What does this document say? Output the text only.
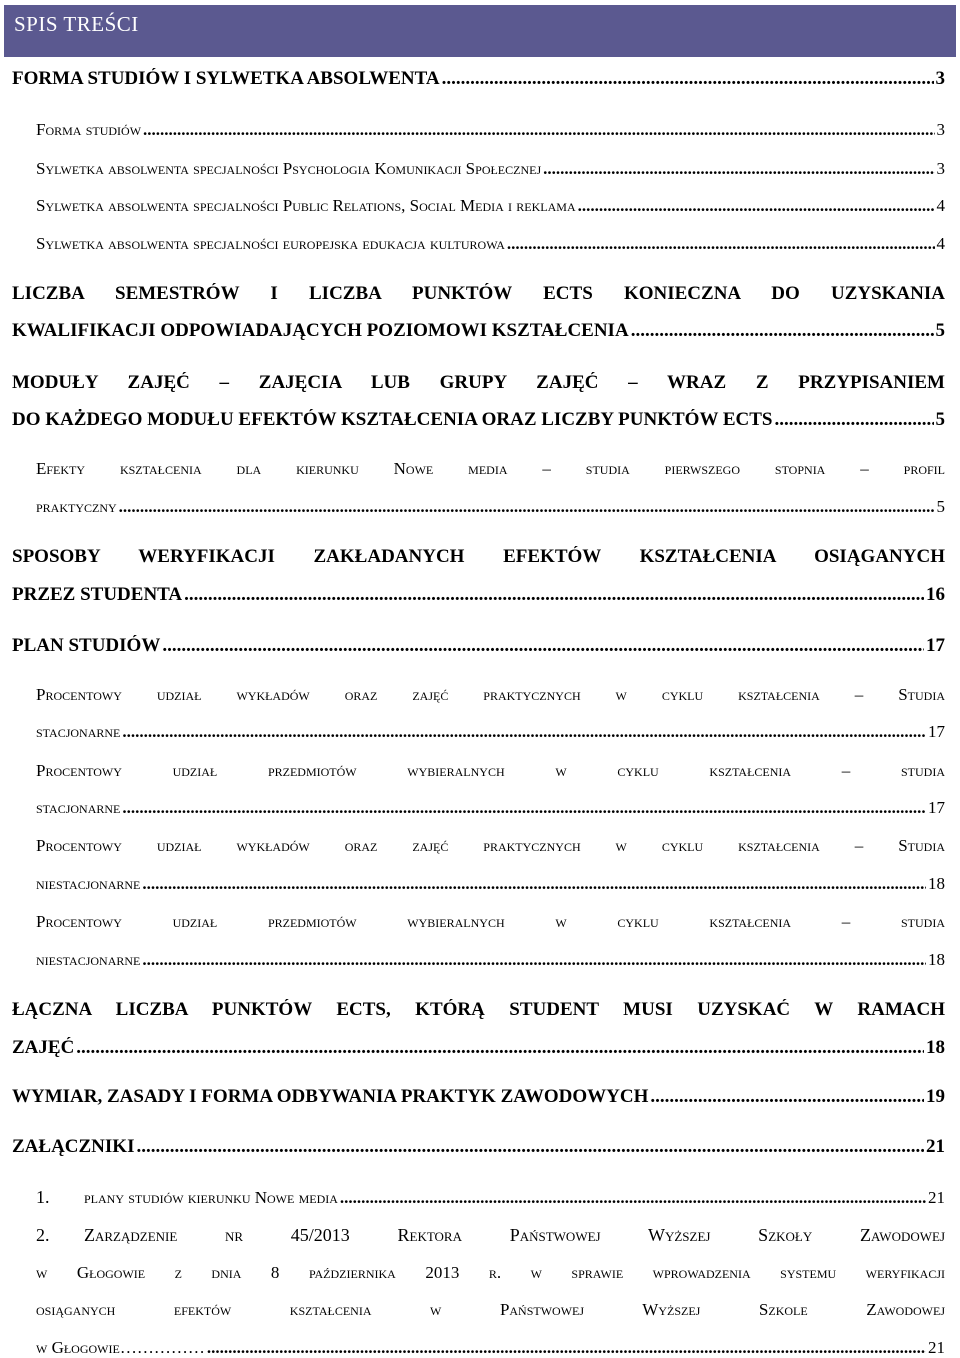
SPIS TREŚCI
FORMA STUDIÓW I SYLWETKA ABSOLWENTA .....	3
Forma studiów .....	3
Sylwetka absolwenta specjalności Psychologia Komunikacji Społecznej .....	3
Sylwetka absolwenta specjalności Public Relations, Social Media i reklama .....	4
Sylwetka absolwenta specjalności europejska edukacja kulturowa .....	4
LICZBA SEMESTRÓW I LICZBA PUNKTÓW ECTS KONIECZNA DO UZYSKANIA
KWALIFIKACJI ODPOWIADAJĄCYCH POZIOMOWI KSZTAŁCENIA .....	5
MODUŁY ZAJĘĆ – ZAJĘCIA LUB GRUPY ZAJĘĆ – WRAZ Z PRZYPISANIEM
DO KAŻDEGO MODUŁU EFEKTÓW KSZTAŁCENIA ORAZ LICZBY PUNKTÓW ECTS .....	5
Efekty kształcenia dla kierunku Nowe media – studia pierwszego stopnia – profil
praktyczny .....	5
SPOSOBY WERYFIKACJI ZAKŁADANYCH EFEKTÓW KSZTAŁCENIA OSIĄGANYCH
PRZEZ STUDENTA .....	16
PLAN STUDIÓW .....	17
Procentowy udział wykładów oraz zajęć praktycznych w cyklu kształcenia – Studia
stacjonarne .....	17
Procentowy udział przedmiotów wybieralnych w cyklu kształcenia – studia
stacjonarne .....	17
Procentowy udział wykładów oraz zajęć praktycznych w cyklu kształcenia – Studia
niestacjonarne .....	18
Procentowy udział przedmiotów wybieralnych w cyklu kształcenia – studia
niestacjonarne .....	18
ŁĄCZNA LICZBA PUNKTÓW ECTS, KTÓRĄ STUDENT MUSI UZYSKAĆ W RAMACH
ZAJĘĆ .....	18
WYMIAR, ZASADY I FORMA ODBYWANIA PRAKTYK ZAWODOWYCH .....	19
ZAŁĄCZNIKI .....	21
1.	plany studiów kierunku Nowe media .....	21
2.	Zarządzenie nr 45/2013 Rektora Państwowej Wyższej Szkoły Zawodowej
w Głogowie z dnia 8 października 2013 r. w sprawie wprowadzenia systemu weryfikacji
osiąganych efektów kształcenia w Państwowej Wyższej Szkole Zawodowej
w Głogowie…………… .....	21
